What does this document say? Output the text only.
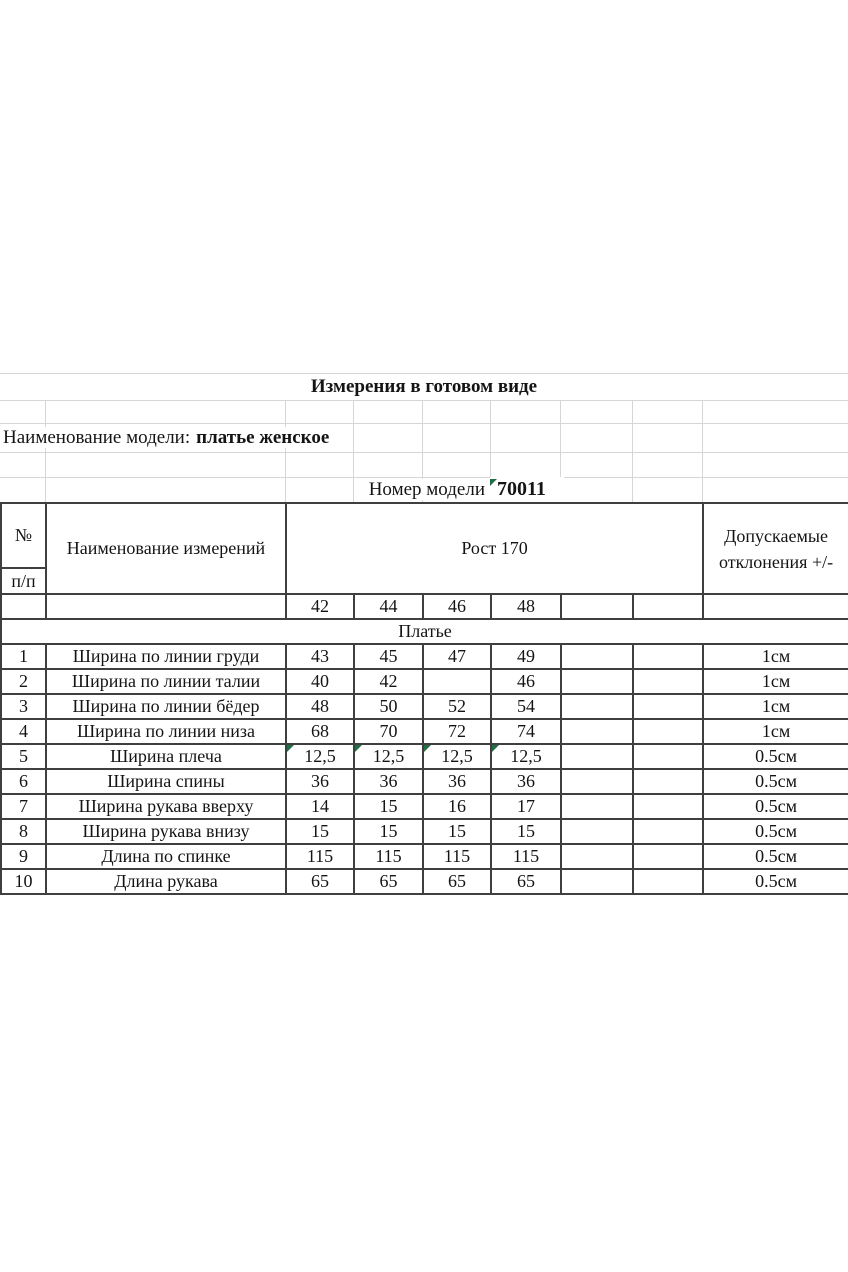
Измерения в готовом виде
Наименование модели: платье женское
Номер модели 70011
№	Наименование измерений	Рост 170						Допускаемые
отклонения +/-

п/п								
		42	44	46	48			
Платье								
1	Ширина по линии груди	43	45	47	49			1см
2	Ширина по линии талии	40	42		46			1см
3	Ширина по линии бёдер	48	50	52	54			1см
4	Ширина по линии низа	68	70	72	74			1см
5	Ширина плеча	12,5	12,5	12,5	12,5			0.5см
6	Ширина спины	36	36	36	36			0.5см
7	Ширина рукава вверху	14	15	16	17			0.5см
8	Ширина рукава внизу	15	15	15	15			0.5см
9	Длина по спинке	115	115	115	115			0.5см
10	Длина рукава	65	65	65	65			0.5см
